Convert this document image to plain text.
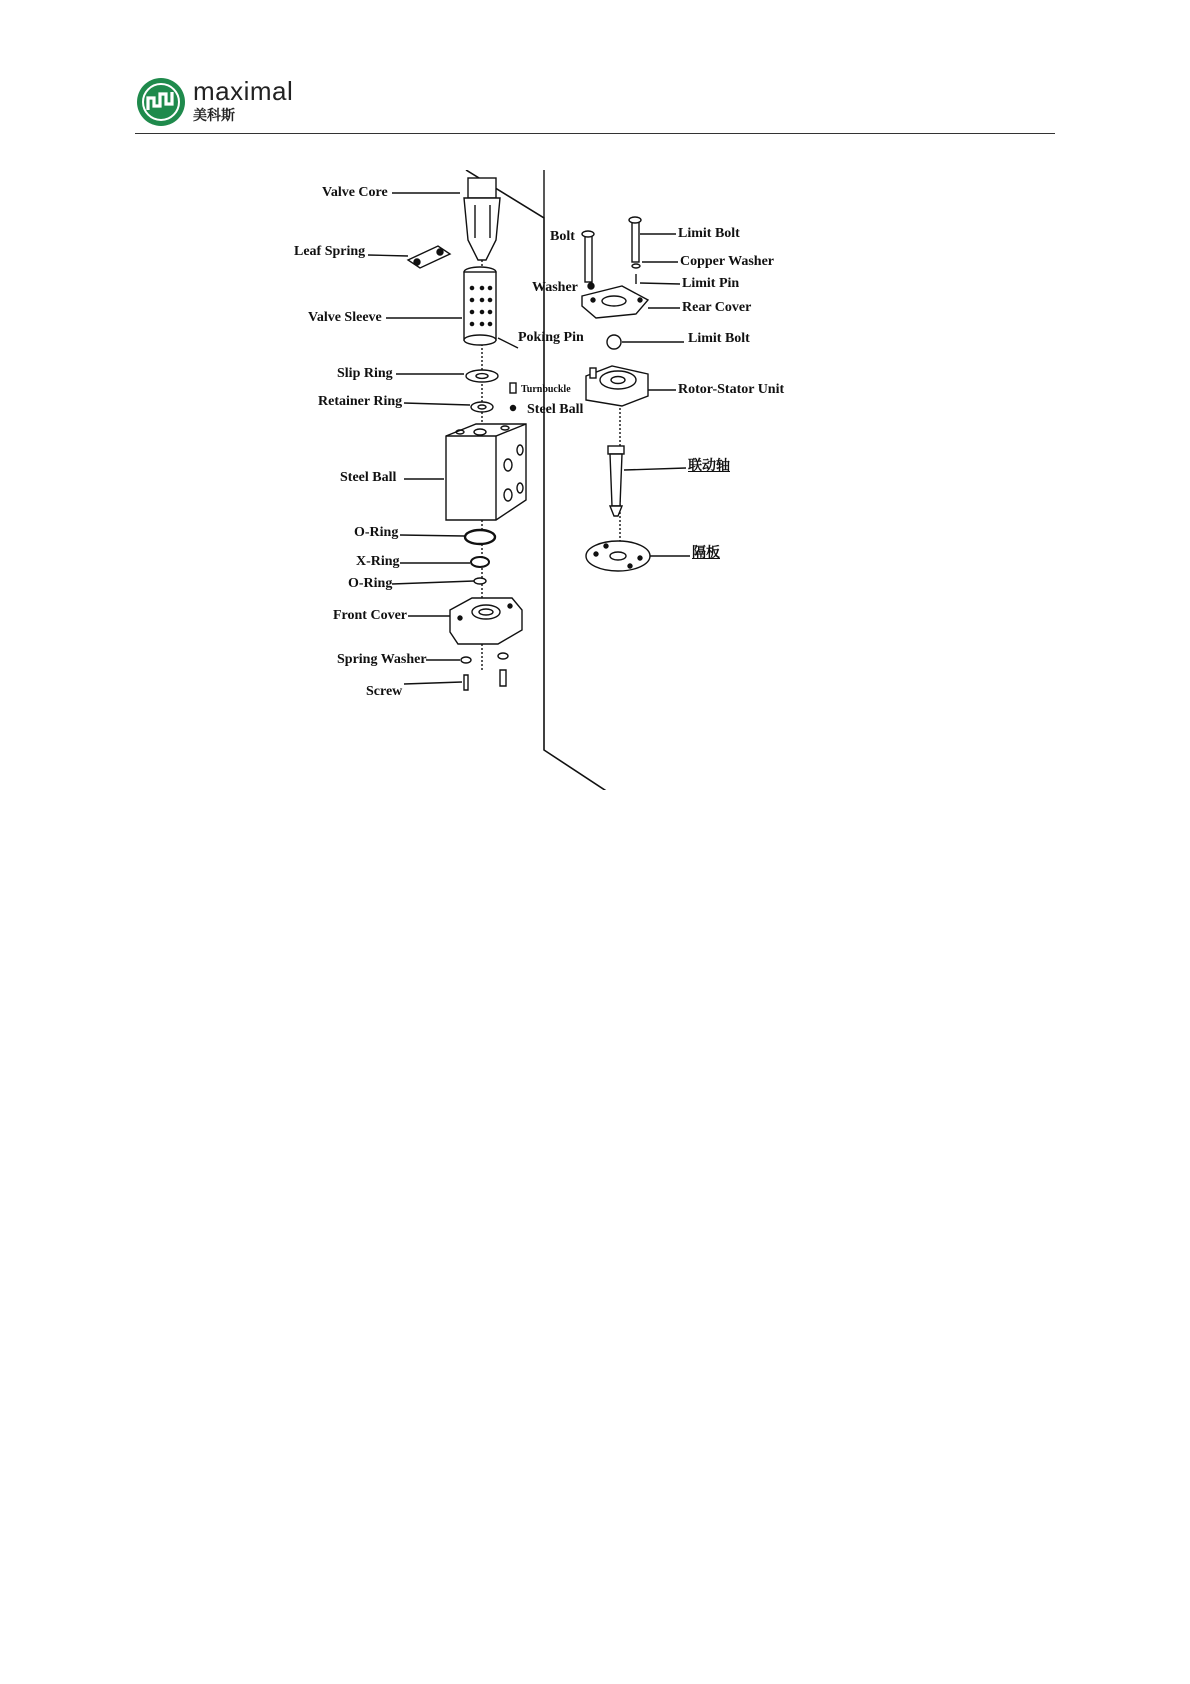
maximal
美科斯
Valve Core
Leaf Spring
Valve Sleeve
Slip Ring
Retainer Ring
Steel Ball
O-Ring
X-Ring
O-Ring
Front Cover
Spring Washer
Screw
Bolt
Washer
Poking Pin
Turnbuckle
Steel Ball
Limit Bolt
Copper Washer
Limit Pin
Rear Cover
Limit Bolt
Rotor-Stator Unit
联动轴
隔板
